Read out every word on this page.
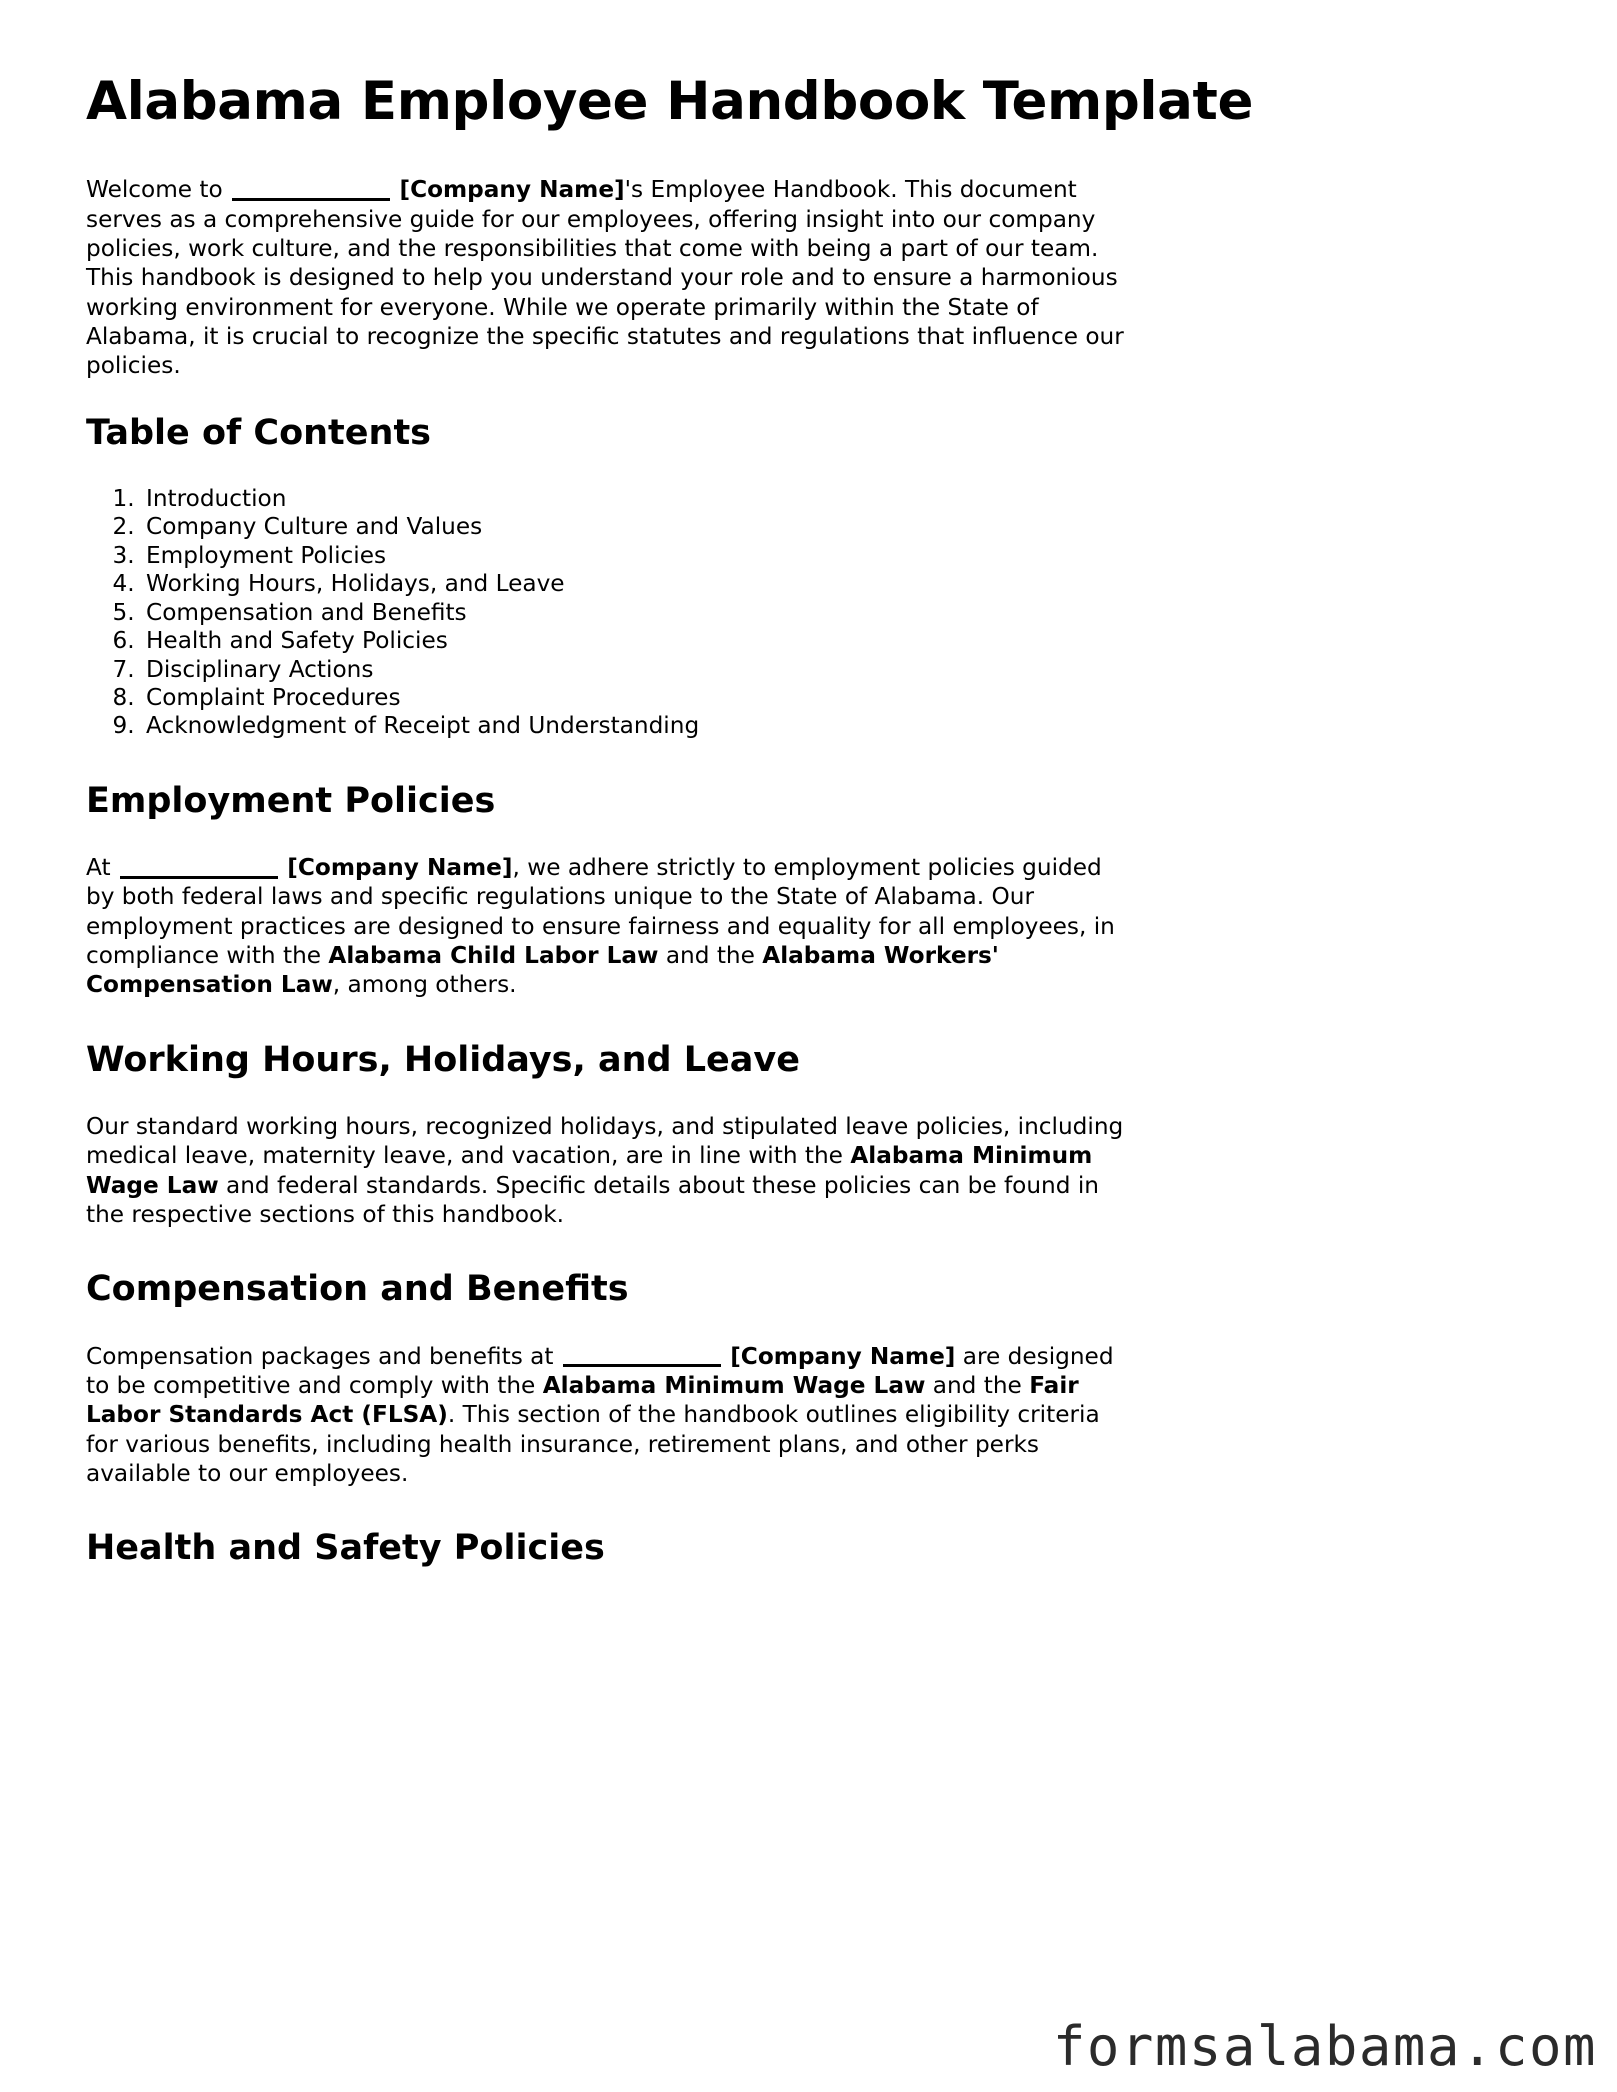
Alabama Employee Handbook Template

Welcome to	[Company Name]'s Employee Handbook. This document serves as a comprehensive guide for our employees, offering insight into our company policies, work culture, and the responsibilities that come with being a part of our team. This handbook is designed to help you understand your role and to ensure a harmonious working environment for everyone. While we operate primarily within the State of Alabama, it is crucial to recognize the specific statutes and regulations that influence our policies.

Table of Contents
1. Introduction
2. Company Culture and Values
3. Employment Policies
4. Working Hours, Holidays, and Leave
5. Compensation and Benefits
6. Health and Safety Policies
7. Disciplinary Actions
8. Complaint Procedures
9. Acknowledgment of Receipt and Understanding
Employment Policies

At	[Company Name], we adhere strictly to employment policies guided by both federal laws and specific regulations unique to the State of Alabama. Our employment practices are designed to ensure fairness and equality for all employees, in compliance with the Alabama Child Labor Law and the Alabama Workers' Compensation Law, among others.

Working Hours, Holidays, and Leave

Our standard working hours, recognized holidays, and stipulated leave policies, including medical leave, maternity leave, and vacation, are in line with the Alabama Minimum Wage Law and federal standards. Specific details about these policies can be found in the respective sections of this handbook.

Compensation and Benefits

Compensation packages and benefits at	[Company Name] are designed to be competitive and comply with the Alabama Minimum Wage Law and the Fair Labor Standards Act (FLSA). This section of the handbook outlines eligibility criteria for various benefits, including health insurance, retirement plans, and other perks available to our employees.

Health and Safety Policies
formsalabama.com
